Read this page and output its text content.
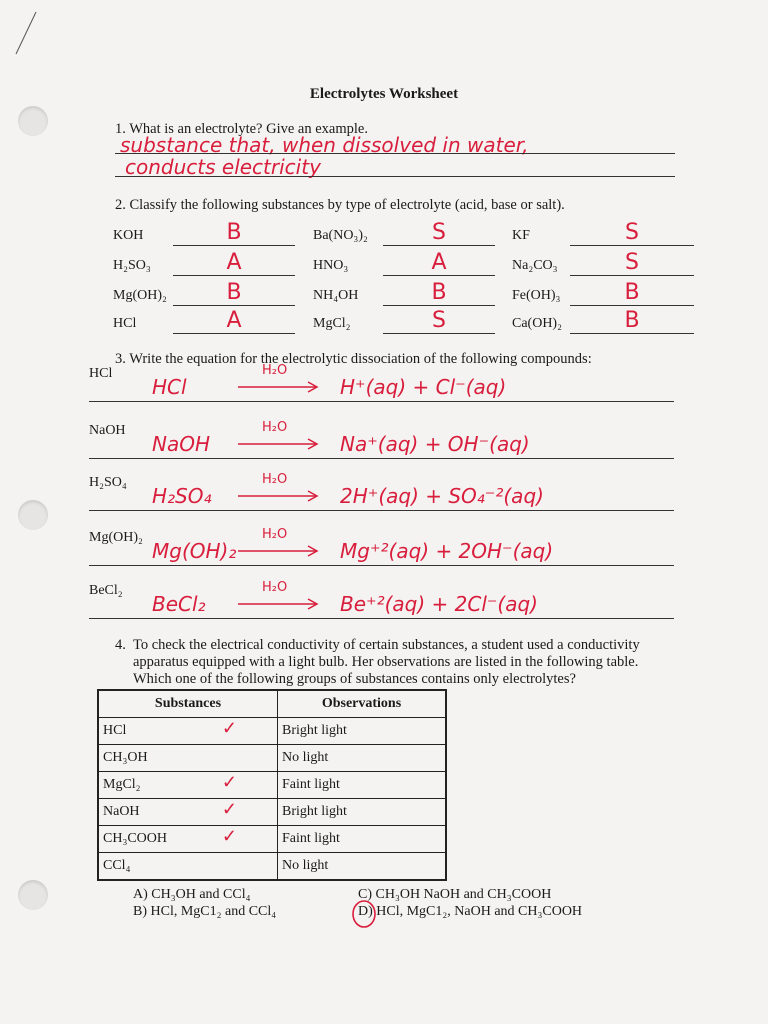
Electrolytes Worksheet
1. What is an electrolyte? Give an example.
substance that, when dissolved in water,
conducts electricity
2. Classify the following substances by type of electrolyte (acid, base or salt).
KOH	B	Ba(NO₃)₂	S	KF	S
H₂SO₃	A	HNO₃	A	Na₂CO₃	S
Mg(OH)₂	B	NH₄OH	B	Fe(OH)₃	B
HCl	A	MgCl₂	S	Ca(OH)₂	B
3. Write the equation for the electrolytic dissociation of the following compounds:
HCl
HCl
H₂O
H⁺(aq) + Cl⁻(aq)
NaOH
NaOH
H₂O
Na⁺(aq) + OH⁻(aq)
H₂SO₄
H₂SO₄
H₂O
2H⁺(aq) + SO₄⁻²(aq)
Mg(OH)₂
Mg(OH)₂
H₂O
Mg⁺²(aq) + 2OH⁻(aq)
BeCl₂
BeCl₂
H₂O
Be⁺²(aq) + 2Cl⁻(aq)
4. To check the electrical conductivity of certain substances, a student used a conductivity
apparatus equipped with a light bulb. Her observations are listed in the following table.
Which one of the following groups of substances contains only electrolytes?
Substances	Observations
HCl ✓	Bright light
CH₃OH	No light
MgCl₂ ✓	Faint light
NaOH ✓	Bright light
CH₃COOH ✓	Faint light
CCl₄	No light
A) CH₃OH and CCl₄
B) HCl, MgC1₂ and CCl₄
C) CH₃OH NaOH and CH₃COOH
D) HCl, MgC1₂, NaOH and CH₃COOH
